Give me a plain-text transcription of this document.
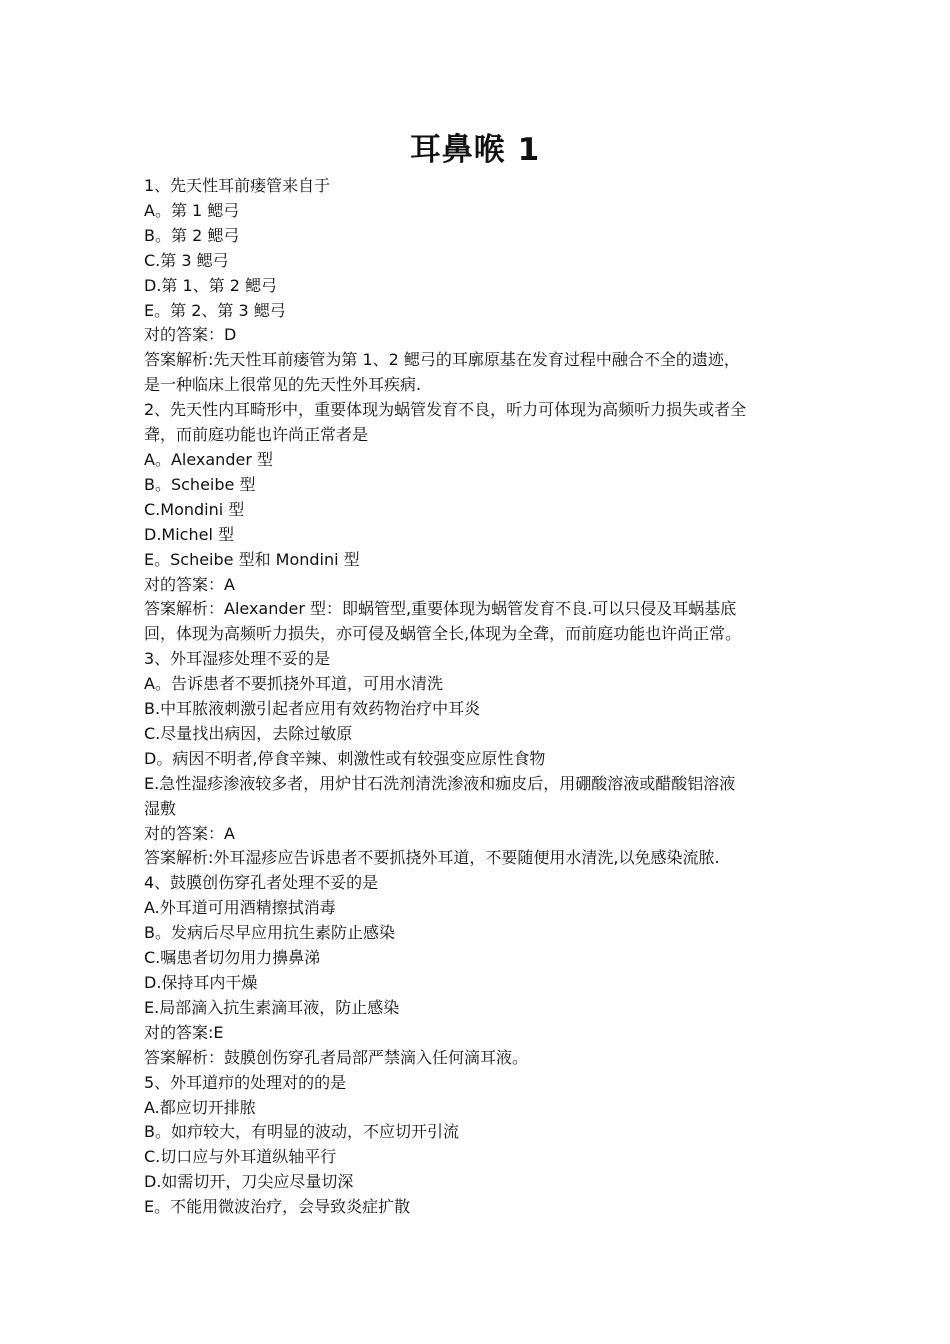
耳鼻喉 1
1、先天性耳前瘘管来自于
A。第 1 鳃弓
B。第 2 鳃弓
C.第 3 鳃弓
D.第 1、第 2 鳃弓
E。第 2、第 3 鳃弓
对的答案：D
答案解析:先天性耳前瘘管为第 1、2 鳃弓的耳廓原基在发育过程中融合不全的遗迹，
是一种临床上很常见的先天性外耳疾病.
2、先天性内耳畸形中，重要体现为蜗管发育不良，听力可体现为高频听力损失或者全
聋，而前庭功能也许尚正常者是
A。Alexander 型
B。Scheibe 型
C.Mondini 型
D.Michel 型
E。Scheibe 型和 Mondini 型
对的答案：A
答案解析：Alexander 型：即蜗管型,重要体现为蜗管发育不良.可以只侵及耳蜗基底
回，体现为高频听力损失，亦可侵及蜗管全长,体现为全聋，而前庭功能也许尚正常。
3、外耳湿疹处理不妥的是
A。告诉患者不要抓挠外耳道，可用水清洗
B.中耳脓液刺激引起者应用有效药物治疗中耳炎
C.尽量找出病因，去除过敏原
D。病因不明者,停食辛辣、刺激性或有较强变应原性食物
E.急性湿疹渗液较多者，用炉甘石洗剂清洗渗液和痂皮后，用硼酸溶液或醋酸铝溶液
湿敷
对的答案：A
答案解析:外耳湿疹应告诉患者不要抓挠外耳道，不要随便用水清洗,以免感染流脓.
4、鼓膜创伤穿孔者处理不妥的是
A.外耳道可用酒精擦拭消毒
B。发病后尽早应用抗生素防止感染
C.嘱患者切勿用力擤鼻涕
D.保持耳内干燥
E.局部滴入抗生素滴耳液，防止感染
对的答案:E
答案解析：鼓膜创伤穿孔者局部严禁滴入任何滴耳液。
5、外耳道疖的处理对的的是
A.都应切开排脓
B。如疖较大，有明显的波动，不应切开引流
C.切口应与外耳道纵轴平行
D.如需切开，刀尖应尽量切深
E。不能用微波治疗，会导致炎症扩散
